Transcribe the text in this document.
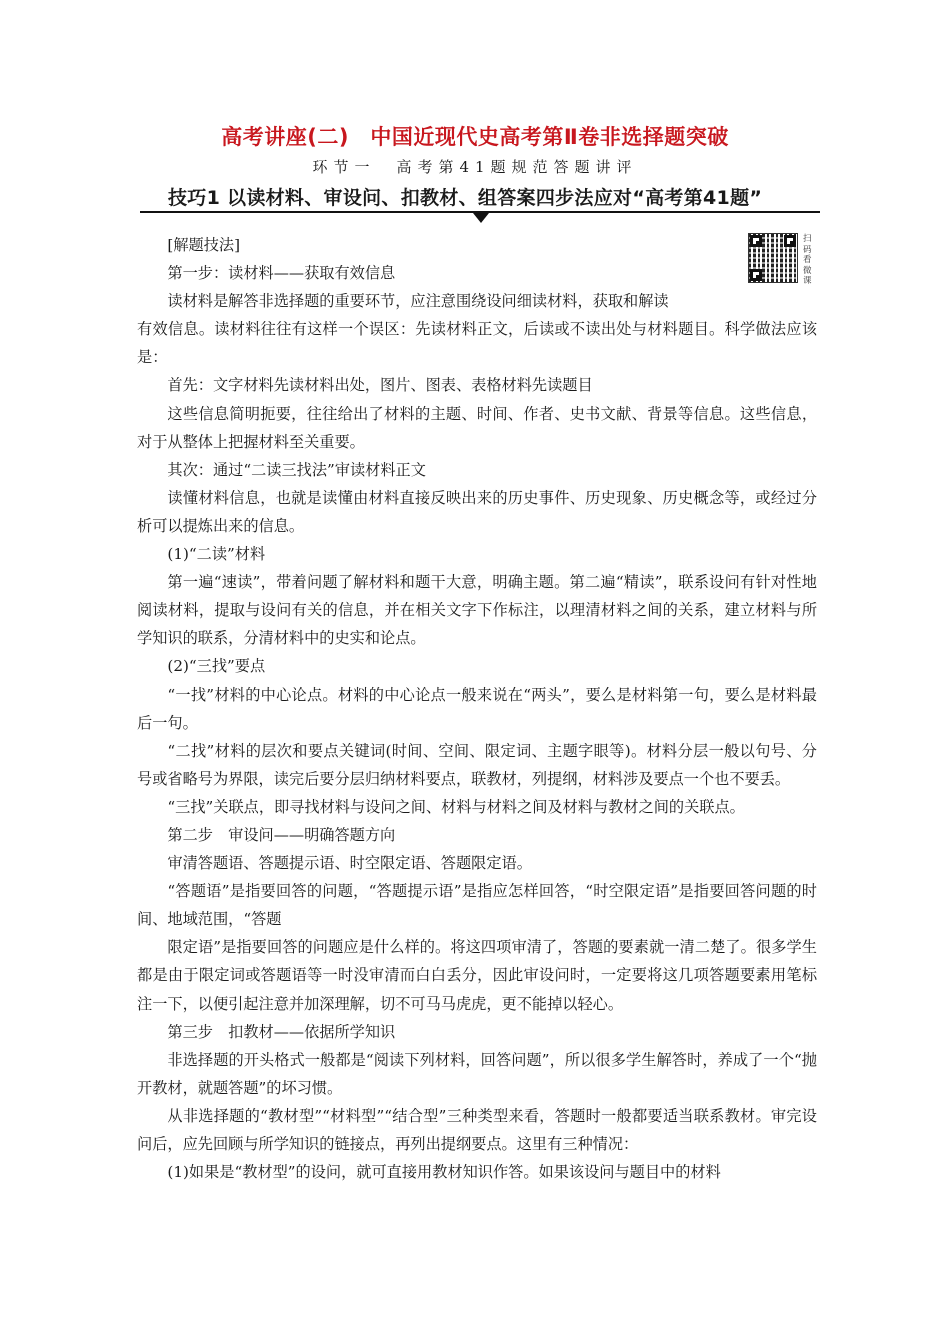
高考讲座(二)　中国近现代史高考第Ⅱ卷非选择题突破
环节一　高考第41题规范答题讲评
技巧1 以读材料、审设问、扣教材、组答案四步法应对“高考第41题”
扫码看微课

[解题技法]

第一步：读材料——获取有效信息

读材料是解答非选择题的重要环节，应注意围绕设问细读材料，获取和解读

有效信息。读材料往往有这样一个误区：先读材料正文，后读或不读出处与材料题目。科学做法应该是：

首先：文字材料先读材料出处，图片、图表、表格材料先读题目

这些信息简明扼要，往往给出了材料的主题、时间、作者、史书文献、背景等信息。这些信息，对于从整体上把握材料至关重要。

其次：通过“二读三找法”审读材料正文

读懂材料信息，也就是读懂由材料直接反映出来的历史事件、历史现象、历史概念等，或经过分析可以提炼出来的信息。

(1)“二读”材料

第一遍“速读”，带着问题了解材料和题干大意，明确主题。第二遍“精读”，联系设问有针对性地阅读材料，提取与设问有关的信息，并在相关文字下作标注，以理清材料之间的关系，建立材料与所学知识的联系，分清材料中的史实和论点。

(2)“三找”要点

“一找”材料的中心论点。材料的中心论点一般来说在“两头”，要么是材料第一句，要么是材料最后一句。

“二找”材料的层次和要点关键词(时间、空间、限定词、主题字眼等)。材料分层一般以句号、分号或省略号为界限，读完后要分层归纳材料要点，联教材，列提纲，材料涉及要点一个也不要丢。

“三找”关联点，即寻找材料与设问之间、材料与材料之间及材料与教材之间的关联点。

第二步　审设问——明确答题方向

审清答题语、答题提示语、时空限定语、答题限定语。

“答题语”是指要回答的问题，“答题提示语”是指应怎样回答，“时空限定语”是指要回答问题的时间、地域范围，“答题

限定语”是指要回答的问题应是什么样的。将这四项审清了，答题的要素就一清二楚了。很多学生都是由于限定词或答题语等一时没审清而白白丢分，因此审设问时，一定要将这几项答题要素用笔标注一下，以便引起注意并加深理解，切不可马马虎虎，更不能掉以轻心。

第三步　扣教材——依据所学知识

非选择题的开头格式一般都是“阅读下列材料，回答问题”，所以很多学生解答时，养成了一个“抛开教材，就题答题”的坏习惯。

从非选择题的“教材型”“材料型”“结合型”三种类型来看，答题时一般都要适当联系教材。审完设问后，应先回顾与所学知识的链接点，再列出提纲要点。这里有三种情况：

(1)如果是“教材型”的设问，就可直接用教材知识作答。如果该设问与题目中的材料
